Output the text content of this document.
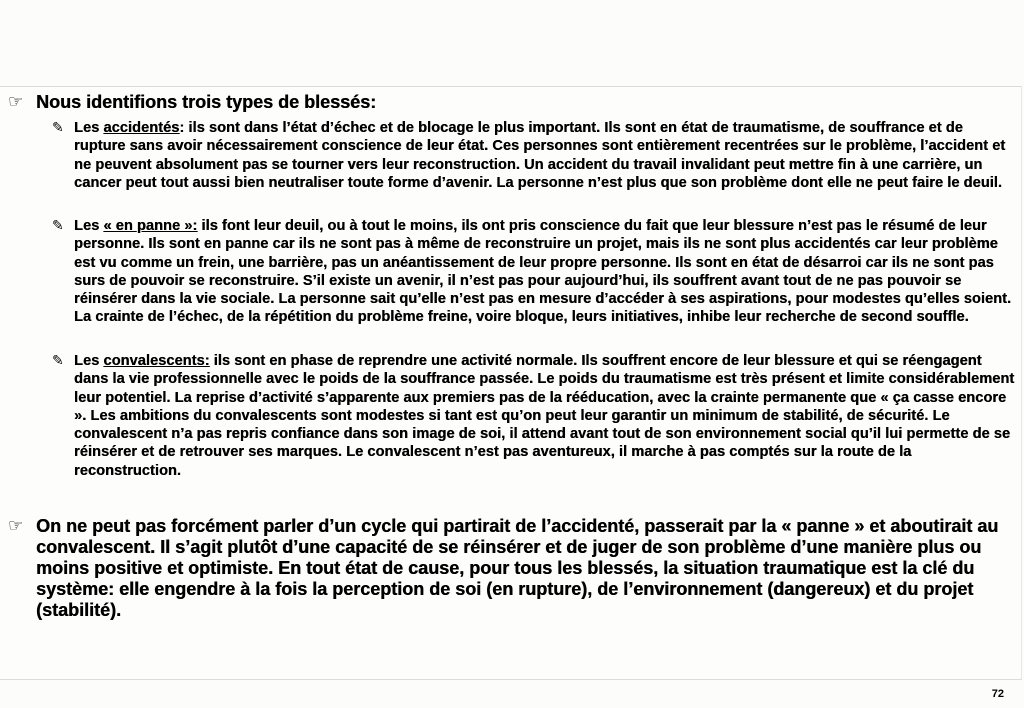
☞ Nous identifions trois types de blessés:
✎ Les accidentés: ils sont dans l’état d’échec et de blocage le plus important. Ils sont en état de traumatisme, de souffrance et de rupture sans avoir nécessairement conscience de leur état. Ces personnes sont entièrement recentrées sur le problème, l’accident et ne peuvent absolument pas se tourner vers leur reconstruction. Un accident du travail invalidant peut mettre fin à une carrière, un cancer peut tout aussi bien neutraliser toute forme d’avenir. La personne n’est plus que son problème dont elle ne peut faire le deuil.
✎ Les « en panne »: ils font leur deuil, ou à tout le moins, ils ont pris conscience du fait que leur blessure n’est pas le résumé de leur personne. Ils sont en panne car ils ne sont pas à même de reconstruire un projet, mais ils ne sont plus accidentés car leur problème est vu comme un frein, une barrière, pas un anéantissement de leur propre personne. Ils sont en état de désarroi car ils ne sont pas surs de pouvoir se reconstruire. S’il existe un avenir, il n’est pas pour aujourd’hui, ils souffrent avant tout de ne pas pouvoir se réinsérer dans la vie sociale. La personne sait qu’elle n’est pas en mesure d’accéder à ses aspirations, pour modestes qu’elles soient. La crainte de l’échec, de la répétition du problème freine, voire bloque, leurs initiatives, inhibe leur recherche de second souffle.
✎ Les convalescents: ils sont en phase de reprendre une activité normale. Ils souffrent encore de leur blessure et qui se réengagent dans la vie professionnelle avec le poids de la souffrance passée. Le poids du traumatisme est très présent et limite considérablement leur potentiel. La reprise d’activité s’apparente aux premiers pas de la rééducation, avec la crainte permanente que « ça casse encore ». Les ambitions du convalescents sont modestes si tant est qu’on peut leur garantir un minimum de stabilité, de sécurité. Le convalescent n’a pas repris confiance dans son image de soi, il attend avant tout de son environnement social qu’il lui permette de se réinsérer et de retrouver ses marques. Le convalescent n’est pas aventureux, il marche à pas comptés sur la route de la reconstruction.
☞ On ne peut pas forcément parler d’un cycle qui partirait de l’accidenté, passerait par la « panne » et aboutirait au convalescent. Il s’agit plutôt d’une capacité de se réinsérer et de juger de son problème d’une manière plus ou moins positive et optimiste. En tout état de cause, pour tous les blessés, la situation traumatique est la clé du système: elle engendre à la fois la perception de soi (en rupture), de l’environnement (dangereux) et du projet (stabilité).
72
